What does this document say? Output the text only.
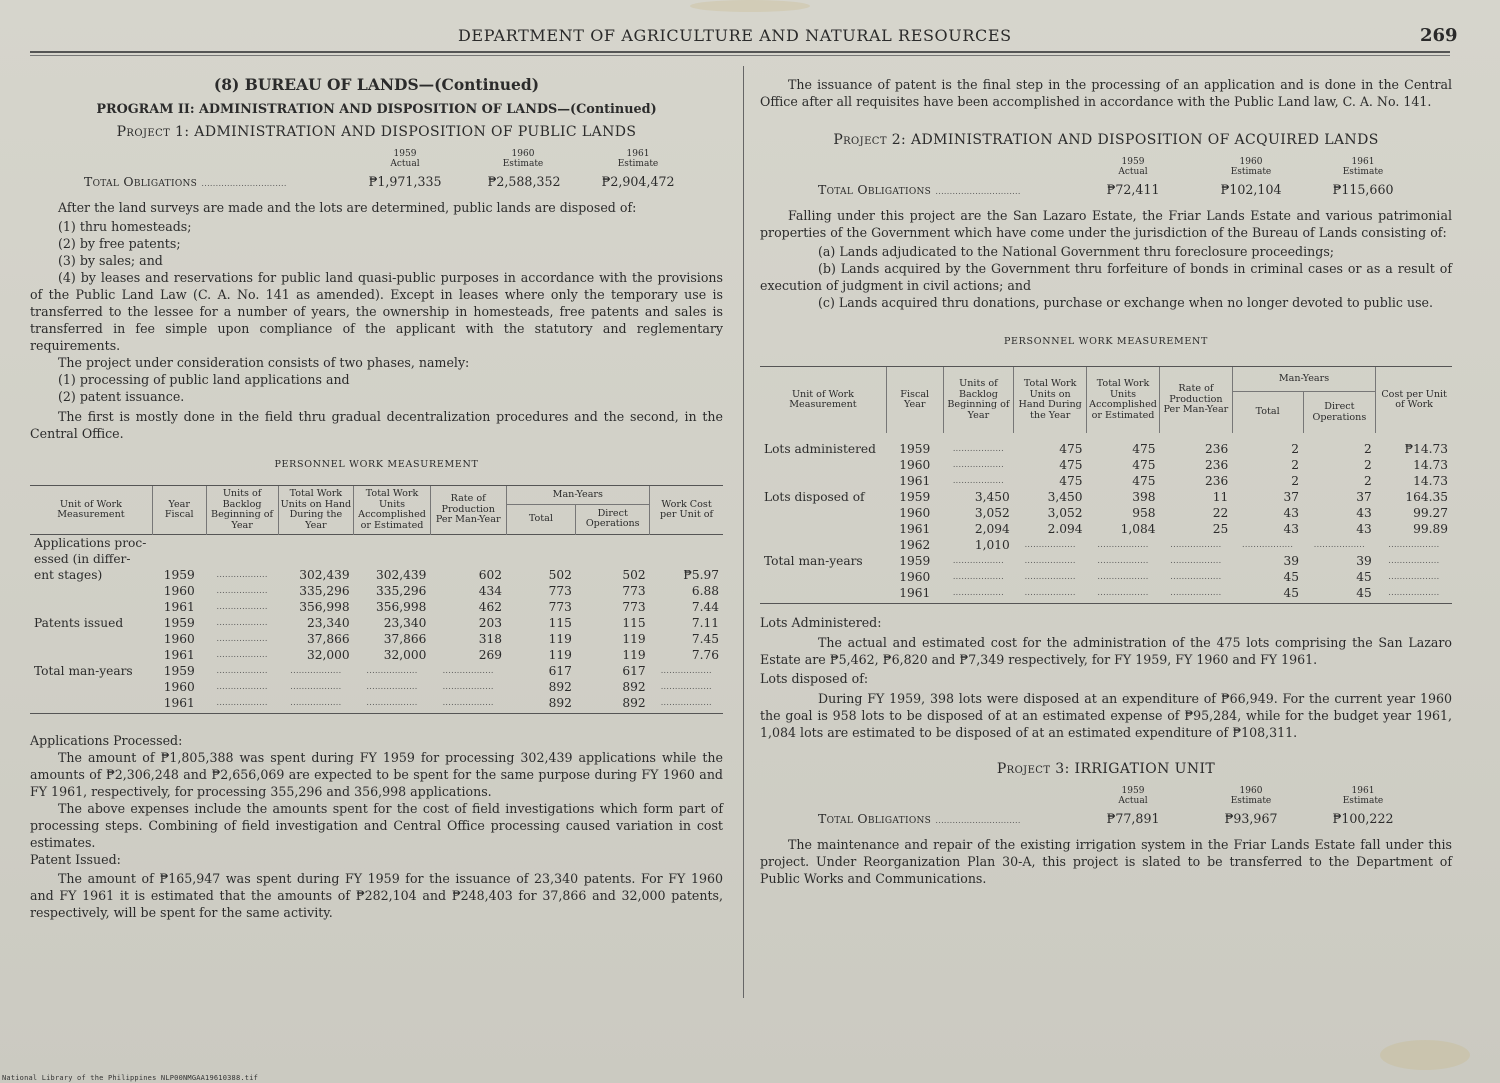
DEPARTMENT OF AGRICULTURE AND NATURAL RESOURCES	269
(8) BUREAU OF LANDS—(Continued)
PROGRAM II: ADMINISTRATION AND DISPOSITION OF LANDS—(Continued)
Project 1: ADMINISTRATION AND DISPOSITION OF PUBLIC LANDS
1959
Actual
1960
Estimate
1961
Estimate
Total Obligations ..............................	₱1,971,335	₱2,588,352	₱2,904,472

After the land surveys are made and the lots are determined, public lands are disposed of:

(1) thru homesteads;

(2) by free patents;

(3) by sales; and

(4) by leases and reservations for public land quasi-public purposes in accordance with the provisions of the Public Land Law (C. A. No. 141 as amended). Except in leases where only the temporary use is transferred to the lessee for a number of years, the ownership in homesteads, free patents and sales is transferred in fee simple upon compliance of the applicant with the statutory and reglementary requirements.

The project under consideration consists of two phases, namely:

(1) processing of public land applications and

(2) patent issuance.

The first is mostly done in the field thru gradual decentralization procedures and the second, in the Central Office.

PERSONNEL WORK MEASUREMENT
Unit of Work Measurement	Year Fiscal	Units of Backlog Beginning of Year	Total Work Units on Hand During the Year	Total Work Units Accomplished or Estimated	Rate of Production Per Man-Year	Man-Years		Work Cost per Unit of
						Total	Direct Operations	
Applications proc-								
essed (in differ-								
ent stages)	1959	..................	302,439	302,439	602	502	502	₱5.97
	1960	..................	335,296	335,296	434	773	773	6.88
	1961	..................	356,998	356,998	462	773	773	7.44
Patents issued	1959	..................	23,340	23,340	203	115	115	7.11
	1960	..................	37,866	37,866	318	119	119	7.45
	1961	..................	32,000	32,000	269	119	119	7.76
Total man-years	1959	..................	..................	..................	..................	617	617	..................
	1960	..................	..................	..................	..................	892	892	..................
	1961	..................	..................	..................	..................	892	892	..................

Applications Processed:

The amount of ₱1,805,388 was spent during FY 1959 for processing 302,439 applications while the amounts of ₱2,306,248 and ₱2,656,069 are expected to be spent for the same purpose during FY 1960 and FY 1961, respectively, for processing 355,296 and 356,998 applications.

The above expenses include the amounts spent for the cost of field investigations which form part of processing steps. Combining of field investigation and Central Office processing caused variation in cost estimates.

Patent Issued:

The amount of ₱165,947 was spent during FY 1959 for the issuance of 23,340 patents. For FY 1960 and FY 1961 it is estimated that the amounts of ₱282,104 and ₱248,403 for 37,866 and 32,000 patents, respectively, will be spent for the same activity.

The issuance of patent is the final step in the processing of an application and is done in the Central Office after all requisites have been accomplished in accordance with the Public Land law, C. A. No. 141.

Project 2: ADMINISTRATION AND DISPOSITION OF ACQUIRED LANDS
1959
Actual
1960
Estimate
1961
Estimate
Total Obligations ..............................	₱72,411	₱102,104	₱115,660

Falling under this project are the San Lazaro Estate, the Friar Lands Estate and various patrimonial properties of the Government which have come under the jurisdiction of the Bureau of Lands consisting of:

(a) Lands adjudicated to the National Government thru foreclosure proceedings;

(b) Lands acquired by the Government thru forfeiture of bonds in criminal cases or as a result of execution of judgment in civil actions; and

(c) Lands acquired thru donations, purchase or exchange when no longer devoted to public use.

PERSONNEL WORK MEASUREMENT
Unit of Work Measurement	Fiscal Year	Units of Backlog Beginning of Year	Total Work Units on Hand During the Year	Total Work Units Accomplished or Estimated	Rate of Production Per Man-Year	Man-Years		Cost per Unit of Work
						Total	Direct Operations	
Lots administered	1959	..................	475	475	236	2	2	₱14.73
	1960	..................	475	475	236	2	2	14.73
	1961	..................	475	475	236	2	2	14.73
Lots disposed of	1959	3,450	3,450	398	11	37	37	164.35
	1960	3,052	3,052	958	22	43	43	99.27
	1961	2,094	2.094	1,084	25	43	43	99.89
	1962	1,010	..................	..................	..................	..................	..................	..................
Total man-years	1959	..................	..................	..................	..................	39	39	..................
	1960	..................	..................	..................	..................	45	45	..................
	1961	..................	..................	..................	..................	45	45	..................

Lots Administered:

The actual and estimated cost for the administration of the 475 lots comprising the San Lazaro Estate are ₱5,462, ₱6,820 and ₱7,349 respectively, for FY 1959, FY 1960 and FY 1961.

Lots disposed of:

During FY 1959, 398 lots were disposed at an expenditure of ₱66,949. For the current year 1960 the goal is 958 lots to be disposed of at an estimated expense of ₱95,284, while for the budget year 1961, 1,084 lots are estimated to be disposed of at an estimated expenditure of ₱108,311.

Project 3: IRRIGATION UNIT
1959
Actual
1960
Estimate
1961
Estimate
Total Obligations ..............................	₱77,891	₱93,967	₱100,222

The maintenance and repair of the existing irrigation system in the Friar Lands Estate fall under this project. Under Reorganization Plan 30-A, this project is slated to be transferred to the Department of Public Works and Communications.

National Library of the Philippines NLP00NMGAA19610388.tif
